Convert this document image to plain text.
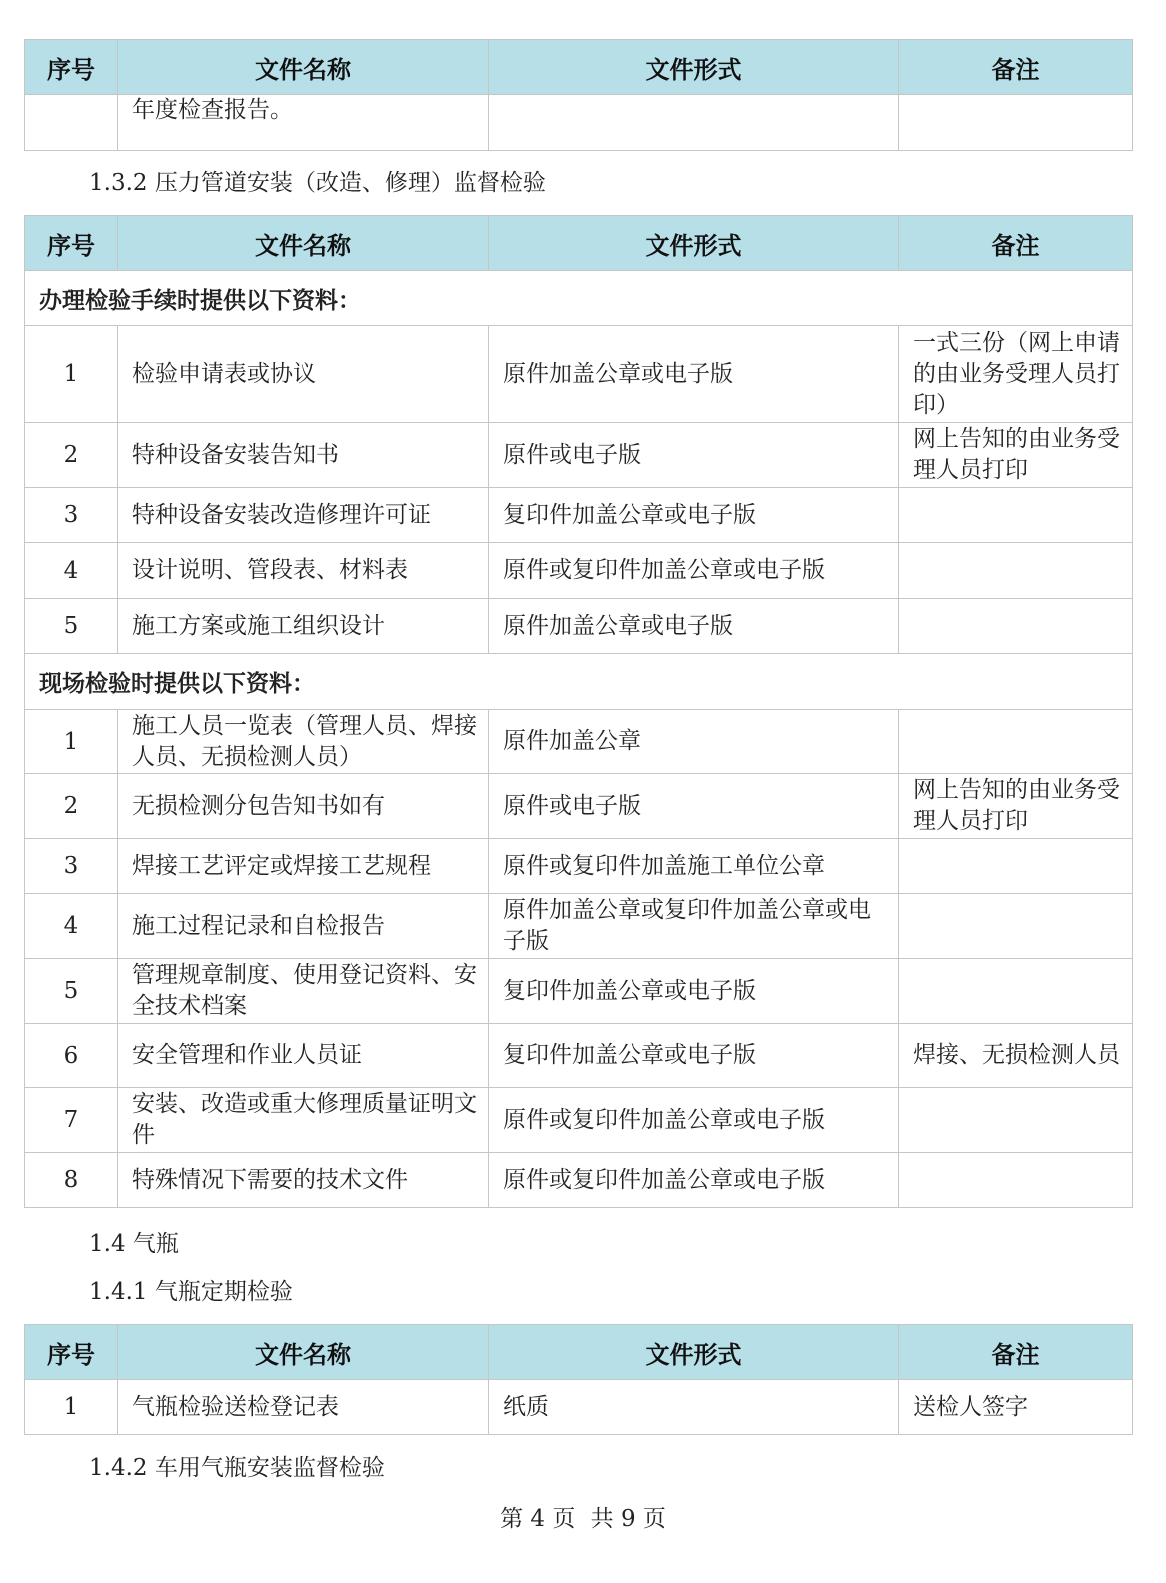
序号	文件名称	文件形式	备注
	年度检查报告。		
1.3.2 压力管道安装（改造、修理）监督检验
序号	文件名称	文件形式	备注
办理检验手续时提供以下资料：			
1	检验申请表或协议	原件加盖公章或电子版	一式三份（网上申请的由业务受理人员打印）
2	特种设备安装告知书	原件或电子版	网上告知的由业务受理人员打印
3	特种设备安装改造修理许可证	复印件加盖公章或电子版	
4	设计说明、管段表、材料表	原件或复印件加盖公章或电子版	
5	施工方案或施工组织设计	原件加盖公章或电子版	
现场检验时提供以下资料：			
1	施工人员一览表（管理人员、焊接人员、无损检测人员）	原件加盖公章	
2	无损检测分包告知书如有	原件或电子版	网上告知的由业务受理人员打印
3	焊接工艺评定或焊接工艺规程	原件或复印件加盖施工单位公章	
4	施工过程记录和自检报告	原件加盖公章或复印件加盖公章或电子版	
5	管理规章制度、使用登记资料、安全技术档案	复印件加盖公章或电子版	
6	安全管理和作业人员证	复印件加盖公章或电子版	焊接、无损检测人员
7	安装、改造或重大修理质量证明文件	原件或复印件加盖公章或电子版	
8	特殊情况下需要的技术文件	原件或复印件加盖公章或电子版	
1.4 气瓶
1.4.1 气瓶定期检验
序号	文件名称	文件形式	备注
1	气瓶检验送检登记表	纸质	送检人签字
1.4.2 车用气瓶安装监督检验
第 4 页 共 9 页
